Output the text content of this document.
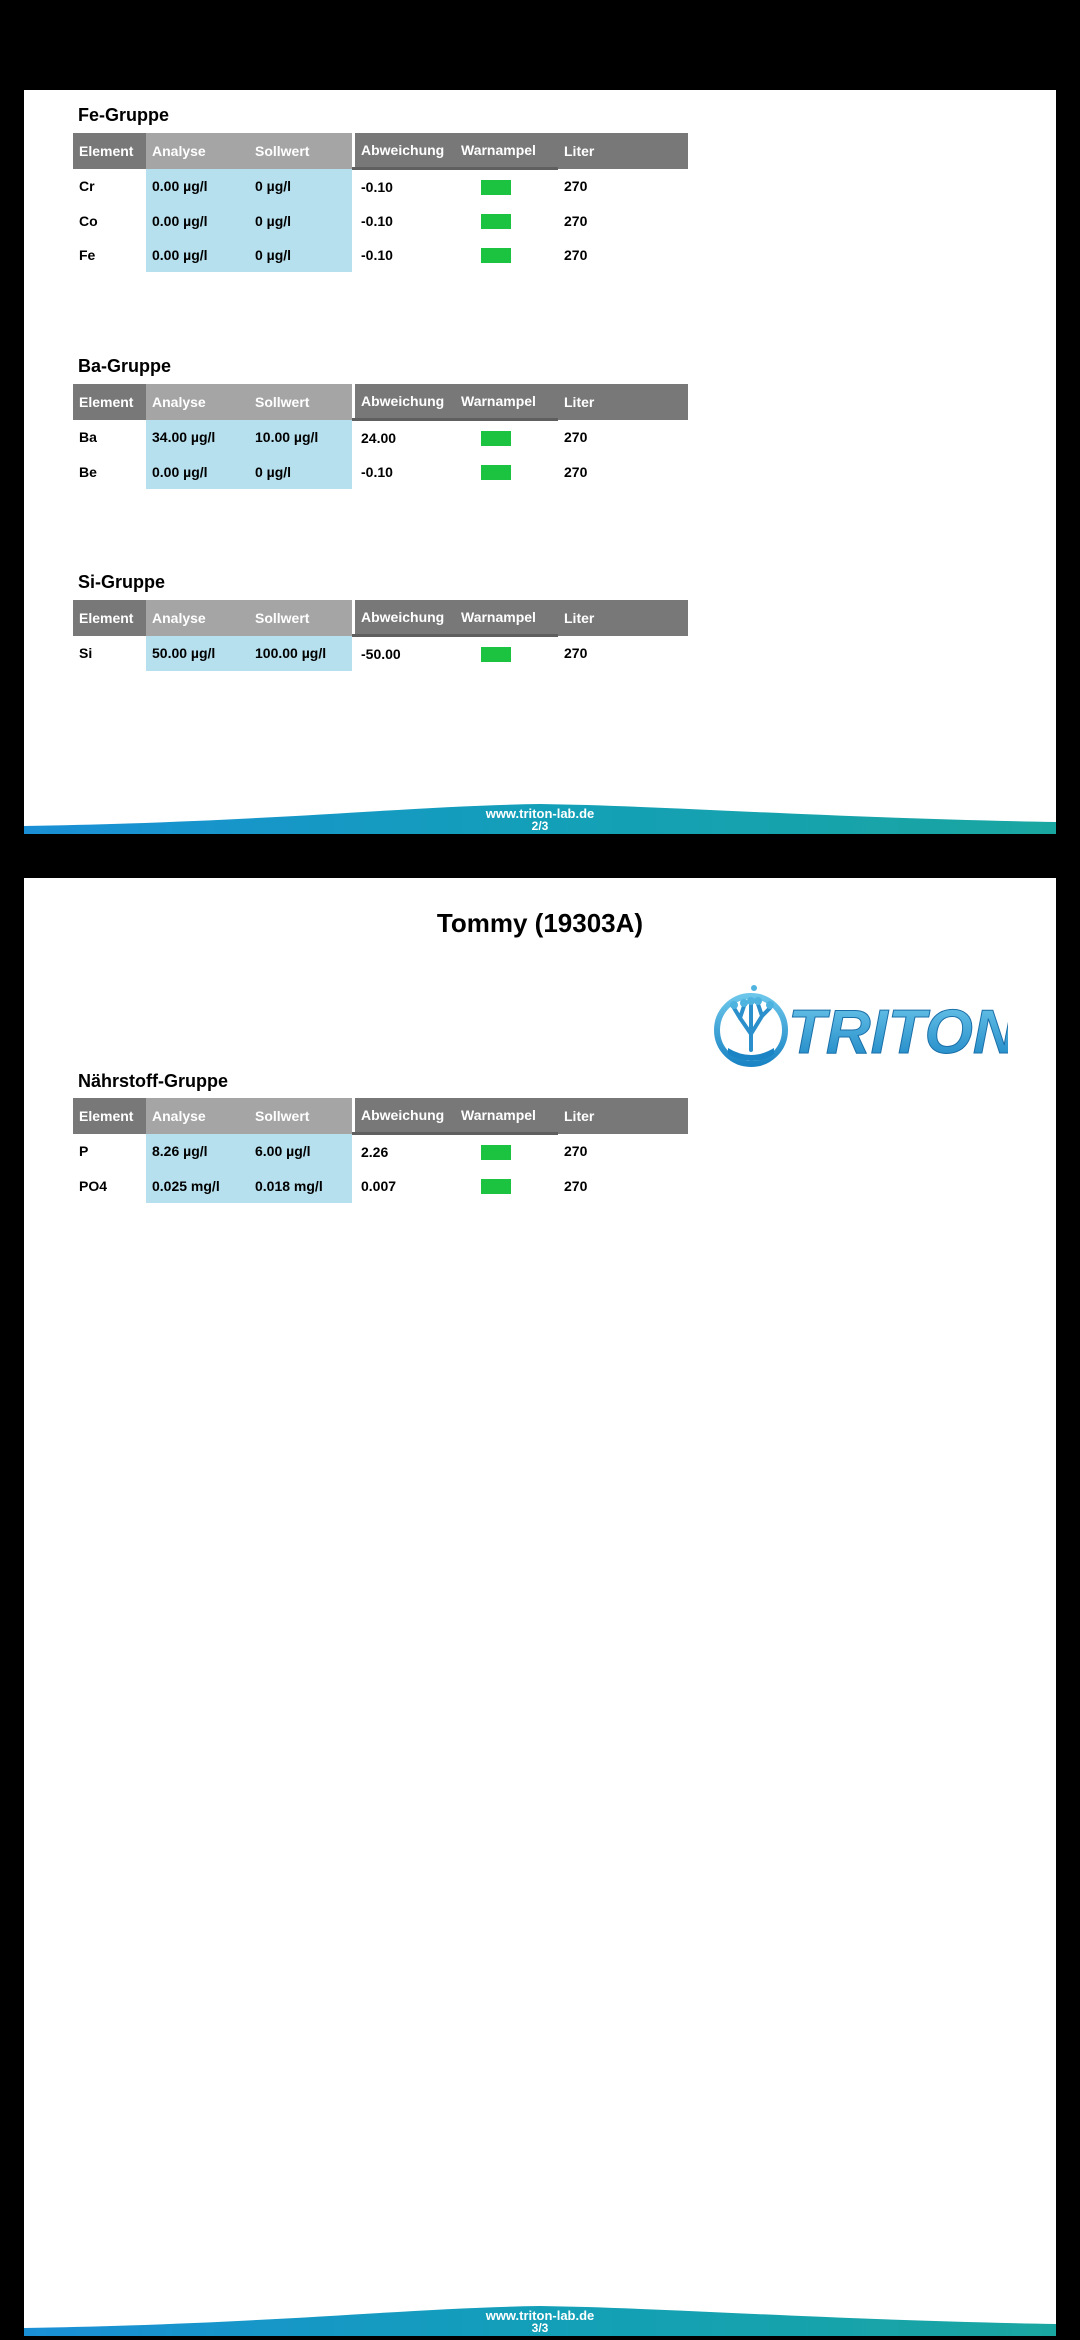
Fe-Gruppe
Element	Analyse	Sollwert	Abweichung	Warnampel	Liter
Cr	0.00 µg/l	0 µg/l	-0.10		270
Co	0.00 µg/l	0 µg/l	-0.10		270
Fe	0.00 µg/l	0 µg/l	-0.10		270
Ba-Gruppe
Element	Analyse	Sollwert	Abweichung	Warnampel	Liter
Ba	34.00 µg/l	10.00 µg/l	24.00		270
Be	0.00 µg/l	0 µg/l	-0.10		270
Si-Gruppe
Element	Analyse	Sollwert	Abweichung	Warnampel	Liter
Si	50.00 µg/l	100.00 µg/l	-50.00		270
www.triton-lab.de
2/3
Tommy (19303A)
TRITON
Nährstoff-Gruppe
Element	Analyse	Sollwert	Abweichung	Warnampel	Liter
P	8.26 µg/l	6.00 µg/l	2.26		270
PO4	0.025 mg/l	0.018 mg/l	0.007		270
www.triton-lab.de
3/3
